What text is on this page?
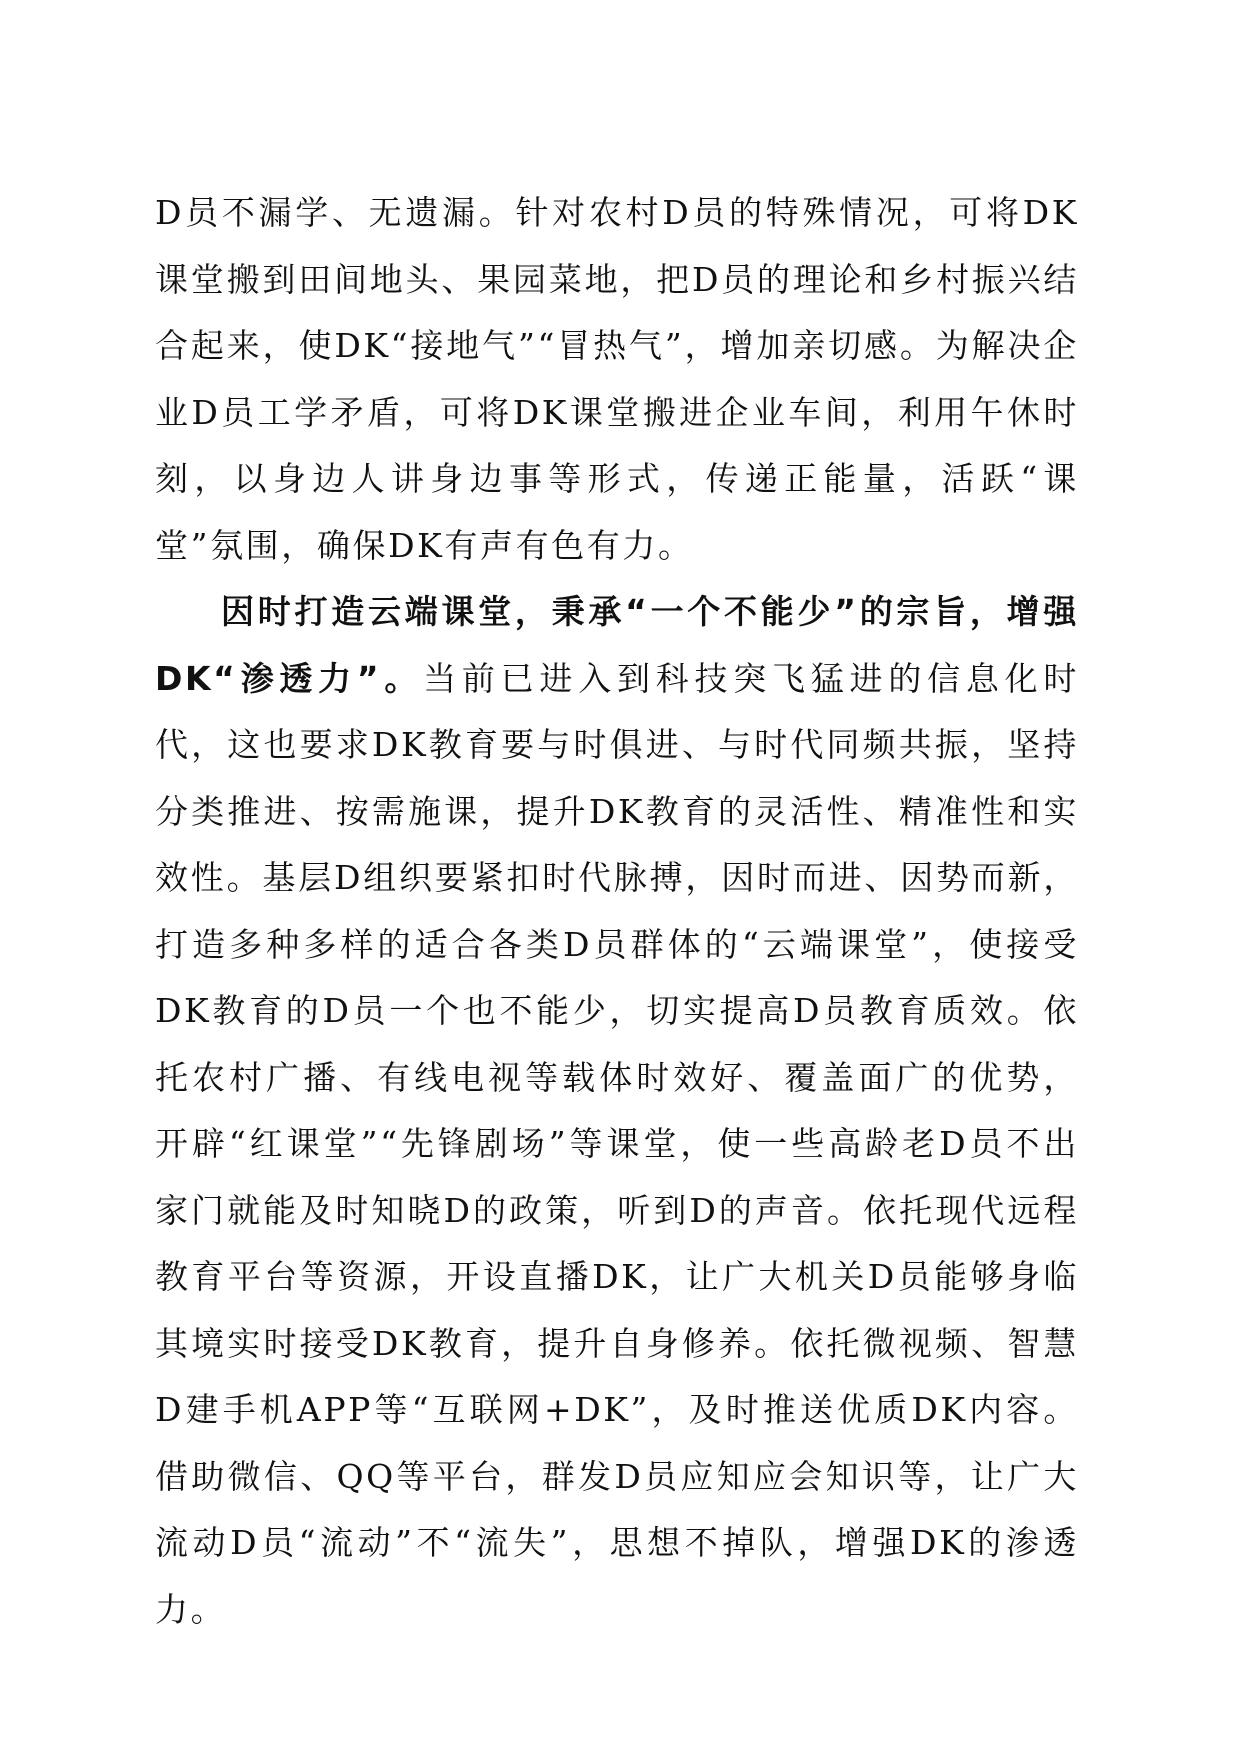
D员不漏学、无遗漏。针对农村D员的特殊情况，可将DK课堂搬到田间地头、果园菜地，把D员的理论和乡村振兴结合起来，使DK“接地气”“冒热气”，增加亲切感。为解决企业D员工学矛盾，可将DK课堂搬进企业车间，利用午休时刻，以身边人讲身边事等形式，传递正能量，活跃“课堂”氛围，确保DK有声有色有力。

因时打造云端课堂，秉承“一个不能少”的宗旨，增强DK“渗透力”。当前已进入到科技突飞猛进的信息化时代，这也要求DK教育要与时俱进、与时代同频共振，坚持分类推进、按需施课，提升DK教育的灵活性、精准性和实效性。基层D组织要紧扣时代脉搏，因时而进、因势而新，打造多种多样的适合各类D员群体的“云端课堂”，使接受DK教育的D员一个也不能少，切实提高D员教育质效。依托农村广播、有线电视等载体时效好、覆盖面广的优势，开辟“红课堂”“先锋剧场”等课堂，使一些高龄老D员不出家门就能及时知晓D的政策，听到D的声音。依托现代远程教育平台等资源，开设直播DK，让广大机关D员能够身临其境实时接受DK教育，提升自身修养。依托微视频、智慧D建手机APP等“互联网+DK”，及时推送优质DK内容。借助微信、QQ等平台，群发D员应知应会知识等，让广大流动D员“流动”不“流失”，思想不掉队，增强DK的渗透力。
